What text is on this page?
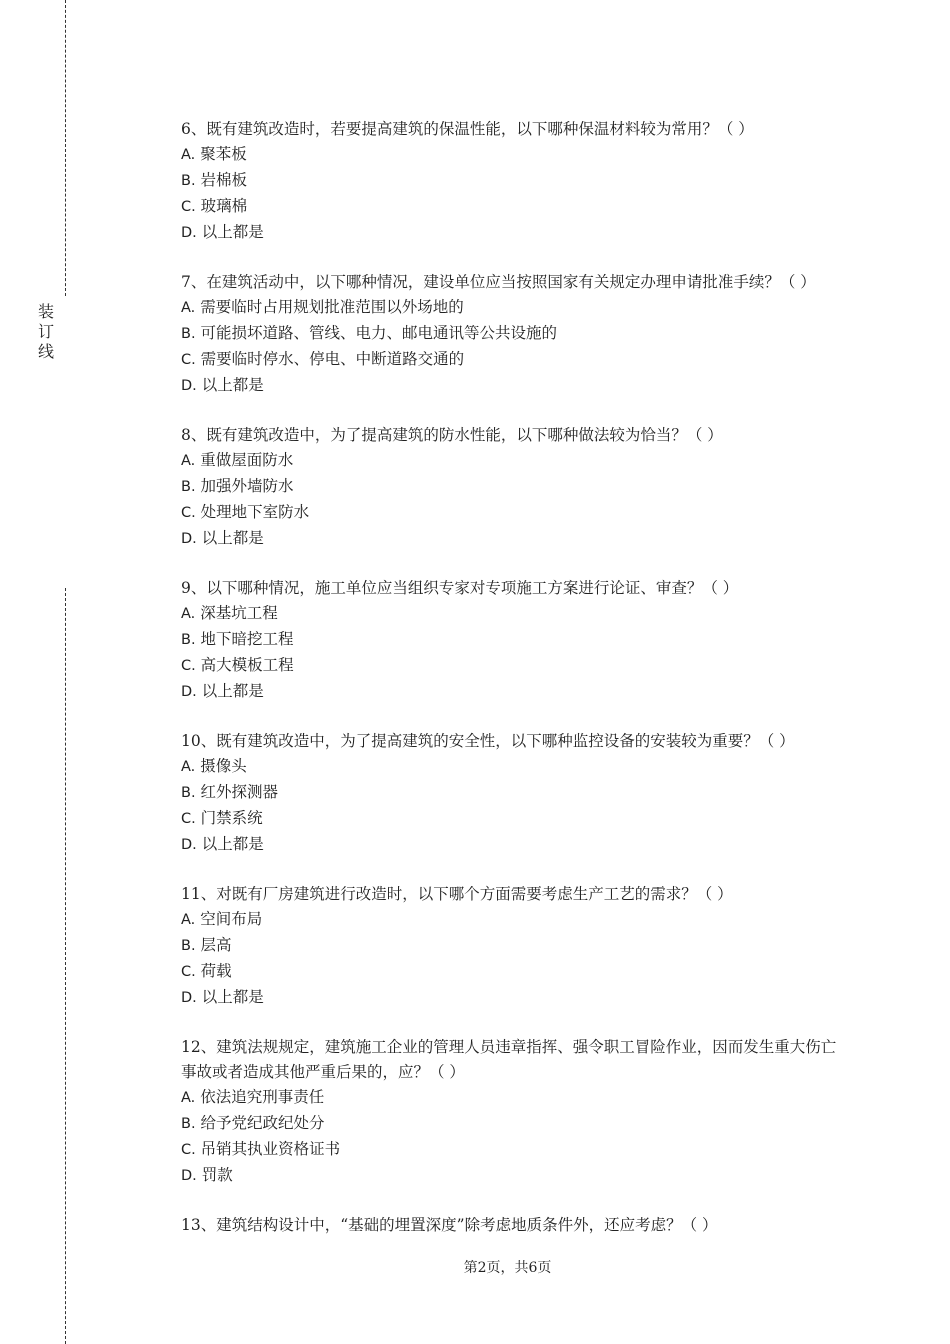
装
订
线

6、既有建筑改造时，若要提高建筑的保温性能，以下哪种保温材料较为常用？（ ）

A. 聚苯板

B. 岩棉板

C. 玻璃棉

D. 以上都是

7、在建筑活动中，以下哪种情况，建设单位应当按照国家有关规定办理申请批准手续？（ ）

A. 需要临时占用规划批准范围以外场地的

B. 可能损坏道路、管线、电力、邮电通讯等公共设施的

C. 需要临时停水、停电、中断道路交通的

D. 以上都是

8、既有建筑改造中，为了提高建筑的防水性能，以下哪种做法较为恰当？（ ）

A. 重做屋面防水

B. 加强外墙防水

C. 处理地下室防水

D. 以上都是

9、以下哪种情况，施工单位应当组织专家对专项施工方案进行论证、审查？（ ）

A. 深基坑工程

B. 地下暗挖工程

C. 高大模板工程

D. 以上都是

10、既有建筑改造中，为了提高建筑的安全性，以下哪种监控设备的安装较为重要？（ ）

A. 摄像头

B. 红外探测器

C. 门禁系统

D. 以上都是

11、对既有厂房建筑进行改造时，以下哪个方面需要考虑生产工艺的需求？（ ）

A. 空间布局

B. 层高

C. 荷载

D. 以上都是

12、建筑法规规定，建筑施工企业的管理人员违章指挥、强令职工冒险作业，因而发生重大伤亡事故或者造成其他严重后果的，应？（ ）

A. 依法追究刑事责任

B. 给予党纪政纪处分

C. 吊销其执业资格证书

D. 罚款

13、建筑结构设计中，“基础的埋置深度”除考虑地质条件外，还应考虑？（ ）

第2页，共6页
